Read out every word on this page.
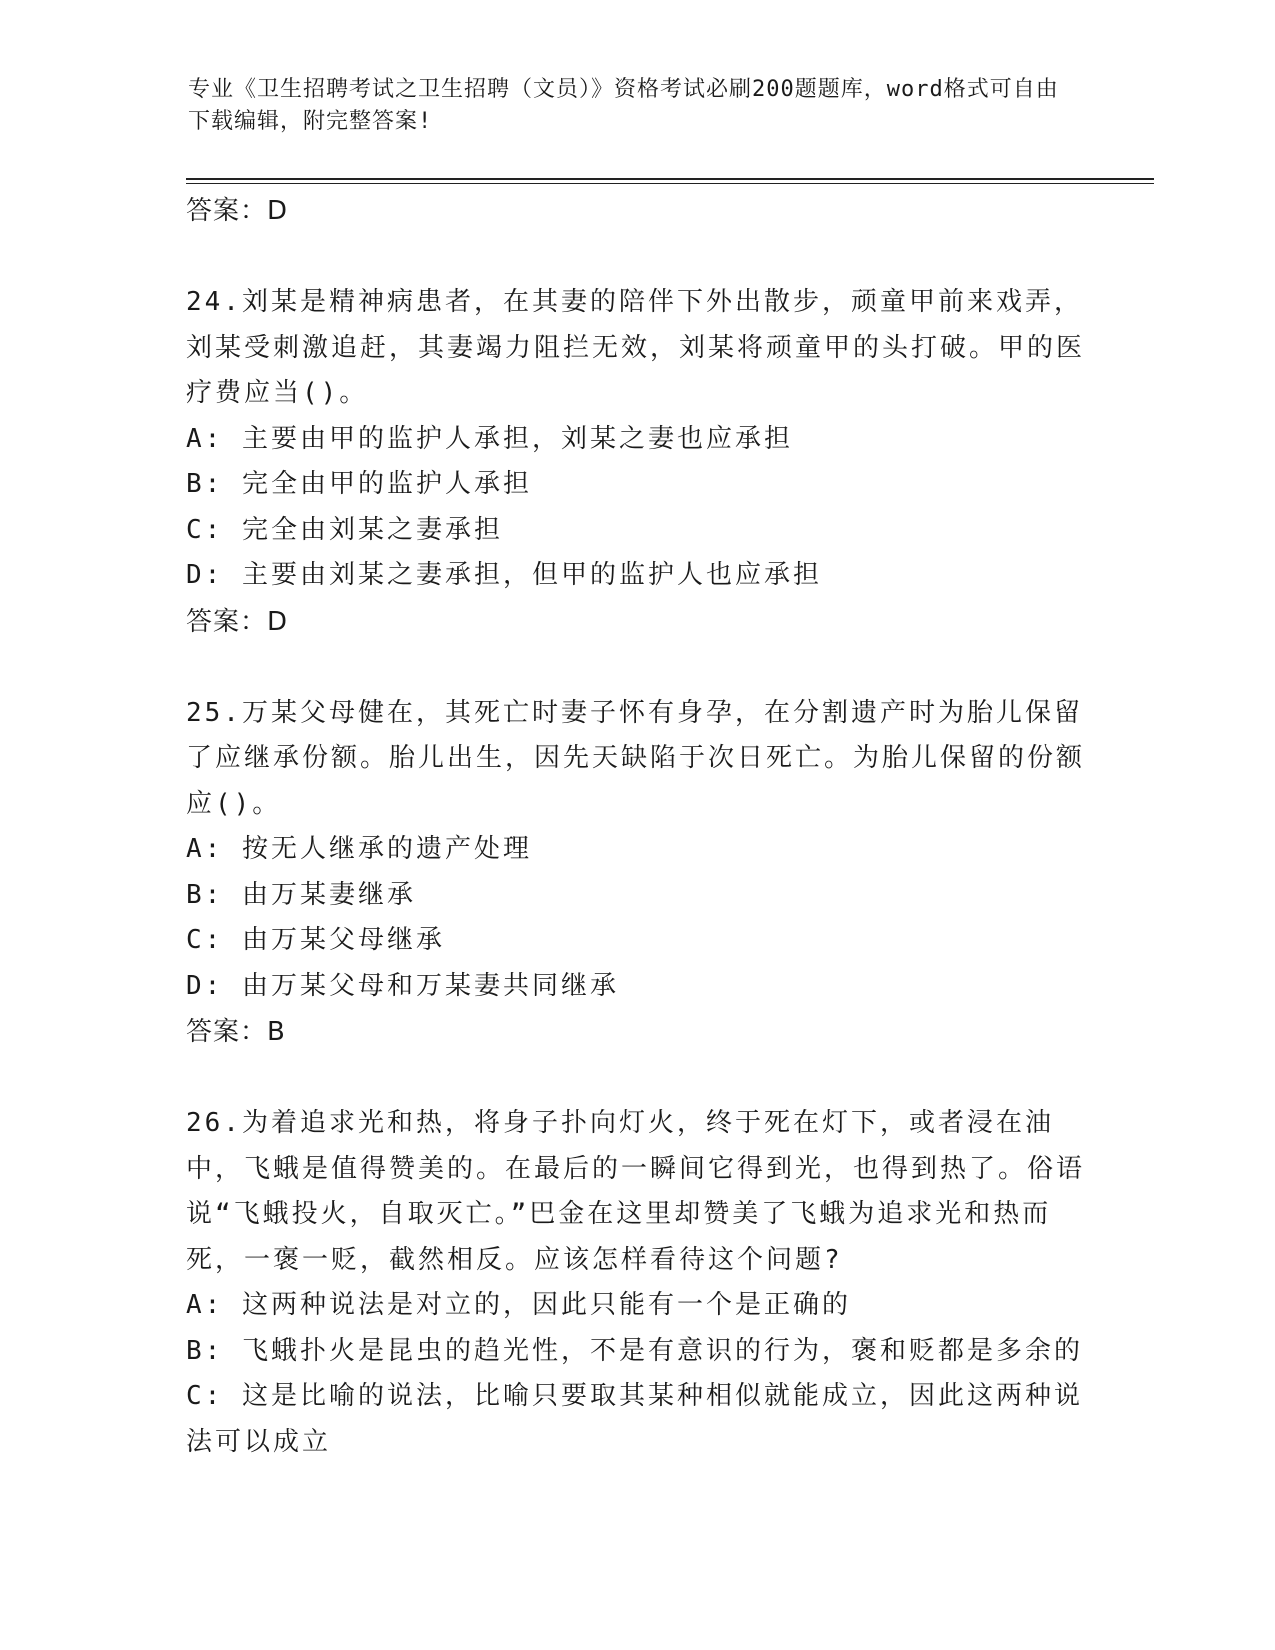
专业《卫生招聘考试之卫生招聘（文员）》资格考试必刷200题题库，word格式可自由下载编辑，附完整答案!

答案：D

24.刘某是精神病患者，在其妻的陪伴下外出散步，顽童甲前来戏弄，刘某受刺激追赶，其妻竭力阻拦无效，刘某将顽童甲的头打破。甲的医疗费应当()。

A: 主要由甲的监护人承担，刘某之妻也应承担

B: 完全由甲的监护人承担

C: 完全由刘某之妻承担

D: 主要由刘某之妻承担，但甲的监护人也应承担

答案：D

25.万某父母健在，其死亡时妻子怀有身孕，在分割遗产时为胎儿保留了应继承份额。胎儿出生，因先天缺陷于次日死亡。为胎儿保留的份额应()。

A: 按无人继承的遗产处理

B: 由万某妻继承

C: 由万某父母继承

D: 由万某父母和万某妻共同继承

答案：B

26.为着追求光和热，将身子扑向灯火，终于死在灯下，或者浸在油中，飞蛾是值得赞美的。在最后的一瞬间它得到光，也得到热了。俗语说“飞蛾投火，自取灭亡。”巴金在这里却赞美了飞蛾为追求光和热而死，一褒一贬，截然相反。应该怎样看待这个问题?

A: 这两种说法是对立的，因此只能有一个是正确的

B: 飞蛾扑火是昆虫的趋光性，不是有意识的行为，褒和贬都是多余的

C: 这是比喻的说法，比喻只要取其某种相似就能成立，因此这两种说法可以成立
